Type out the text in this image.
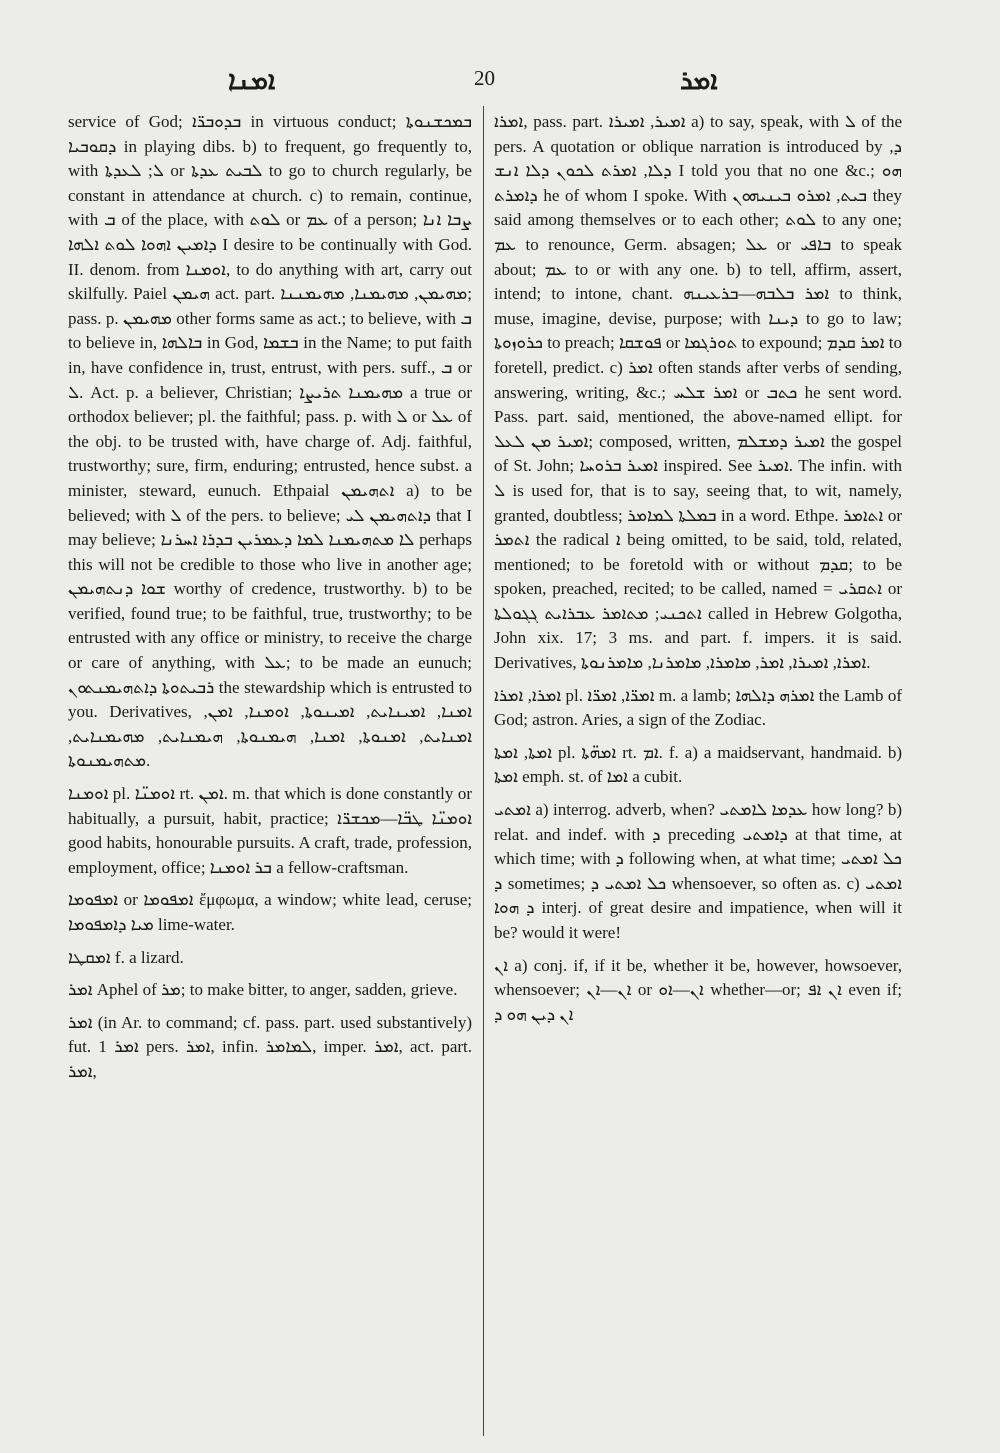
ܐܡܢܐ	20	ܐܡܪ

service of God; ܒܕܘܒܪ̈ܐ in virtuous conduct; ܒܡܟܫܢܘܬܐ ܕܩܘܒܝܐ in playing dibs. b) to frequent, go frequently to, with ܠ; ܠܥܕܬܐ or ܠܒܝܬ ܥܕܬܐ to go to church regularly, be constant in attendance at church. c) to remain, continue, with ܒ of the place, with ܠܘܬ or ܥܡ of a person; ܨܒܐ ܐܢܐ ܕܐܡܝܢ ܐܗܘܐ ܠܘܬ ܐܠܗܐ I desire to be continually with God. II. denom. from ܐܘܡܢܐ, to do anything with art, carry out skilfully. Paiel ܗܝܡܢ act. part. ܡܗܝܡܢ, ܡܗܝܡܢܐ, ܡܗܝܡܢܢܐ; pass. p. ܡܗܝܡܢ other forms same as act.; to believe, with ܒ to believe in, ܒܐܠܗܐ in God, ܒܫܡܐ in the Name; to put faith in, have confidence in, trust, entrust, with pers. suff., ܒ or ܠ. Act. p. a believer, Christian; ܡܗܝܡܢܐ ܬܪܝܨܐ a true or orthodox believer; pl. the faithful; pass. p. with ܠ or ܥܠ of the obj. to be trusted with, have charge of. Adj. faithful, trustworthy; sure, firm, enduring; entrusted, hence subst. a minister, steward, eunuch. Ethpaial ܐܬܗܝܡܢ a) to be believed; with ܠ of the pers. to believe; ܕܐܬܗܝܡܢ ܠܝ that I may believe; ܠܐ ܡܬܗܝܡܢܐ ܠܡܐ ܕܥܡܪܝܢ ܒܕܪܐ ܐܚܪܢܐ perhaps this will not be credible to those who live in another age; ܫܘܐ ܕܢܬܗܝܡܢ worthy of credence, trustworthy. b) to be verified, found true; to be faithful, true, trustworthy; to be entrusted with any office or ministry, to receive the charge or care of anything, with ܥܠ; to be made an eunuch; ܪܒܝܬܘܬܐ ܕܐܬܗܝܡܢܬܘܢ the stewardship which is entrusted to you. Derivatives, ܐܡܢܐ, ܐܡܝܢܐܝܬ, ܐܡܝܢܘܬܐ, ܐܘܡܢܐ, ܐܡܢ, ܐܡܢܐܝܬ, ܐܡܢܘܬܐ, ܐܡܢܐ, ܗܝܡܢܘܬܐ, ܗܝܡܢܐܝܬ, ܡܗܝܡܢܐܝܬ, ܡܬܗܝܡܢܘܬܐ.

ܐܘܡܢܐ pl. ܐܘܡܢ̈ܐ rt. ܐܡܢ. m. that which is done constantly or habitually, a pursuit, habit, practice; ܐܘܡܢ̈ܐ ܛܒ̈ܐ—ܡܟܫܪ̈ܐ good habits, honourable pursuits. A craft, trade, profession, employment, office; ܒܪ ܐܘܡܢܐ a fellow-craftsman.

ܐܡܦܘܡܐ or ܐܡܦܘܡܐ ἔμφωμα, a window; white lead, ceruse; ܡܝܐ ܕܐܡܦܘܡܐ lime-water.

ܐܡܩܛܐ f. a lizard.

ܐܡܪ Aphel of ܡܪ; to make bitter, to anger, sadden, grieve.

ܐܡܪ (in Ar. to command; cf. pass. part. used substantively) fut. ܐܡܪ 1 pers. ܐܡܪ, infin. ܠܡܐܡܪ, imper. ܐܡܪ, act. part. ܐܡܪ,

ܐܡܪܐ, pass. part. ܐܡܝܪ, ܐܡܝܪܐ a) to say, speak, with ܠ of the pers. A quotation or oblique narration is introduced by ܕ, ܕܠܐ, ܐܡܪܬ ܠܟܘܢ ܕܠܐ ܐܢܫ I told you that no one &c.; ܗܘ ܕܐܡܪܬ he of whom I spoke. With ܒܝܬ, ܐܡܪܘ ܒܝܢܝܗܘܢ they said among themselves or to each other; ܠܘܬ to any one; ܥܡ to renounce, Germ. absagen; ܥܠ or ܒܐܦܝ to speak about; ܥܡ to or with any one. b) to tell, affirm, assert, intend; to intone, chant. ܐܡܪ ܒܠܒܗ—ܒܪܥܝܢܗ to think, muse, imagine, devise, purpose; with ܕܝܢܐ to go to law; ܟܪܘܙܘܬܐ to preach; ܦܘܫܩܐ or ܬܘܪܓܡܐ to expound; ܐܡܪ ܩܕܡ to foretell, predict. c) ܐܡܪ often stands after verbs of sending, answering, writing, &c.; ܐܡܪ ܫܠܚ or ܟܬܒ he sent word. Pass. part. said, mentioned, the above-named ellipt. for ܐܡܝܪ ܡܢ ܠܥܠ; composed, written, ܐܡܝܪ ܕܡܫܠܡ the gospel of St. John; ܐܡܝܪ ܒܪܘܚܐ inspired. See ܐܡܝܪ. The infin. with ܠ is used for, that is to say, seeing that, to wit, namely, granted, doubtless; ܒܡܠܬܐ ܠܡܐܡܪ in a word. Ethpe. ܐܬܐܡܪ or ܐܬܡܪ the radical ܐ being omitted, to be said, told, related, mentioned; to be foretold with or without ܩܕܡ; to be spoken, preached, recited; to be called, named = ܐܬܩܪܝ or ܐܬܟܢܝ; ܡܬܐܡܪ ܥܒܪܐܝܬ ܓܓܘܠܬܐ called in Hebrew Golgotha, John xix. 17; 3 ms. and part. f. impers. it is said. Derivatives, ܐܡܪܐ, ܐܡܝܪܐ, ܐܡܪ, ܡܐܡܪܐ, ܡܐܡܪܢܐ, ܡܐܡܪܢܘܬܐ.

ܐܡܪܐ, ܐܡܪܐ pl. ܐܡܪ̈ܐ, ܐܡܪ̈ܐ m. a lamb; ܐܡܪܗ ܕܐܠܗܐ the Lamb of God; astron. Aries, a sign of the Zodiac.

ܐܡܬܐ, ܐܡܬܐ pl. ܐܡܗ̈ܬܐ rt. ܐܡ. f. a) a maidservant, handmaid. b) ܐܡܬܐ emph. st. of ܐܡܐ a cubit.

ܐܡܬܝ a) interrog. adverb, when? ܥܕܡܐ ܠܐܡܬܝ how long? b) relat. and indef. with ܕ preceding ܕܐܡܬܝ at that time, at which time; with ܕ following when, at what time; ܟܠ ܐܡܬܝ ܕ sometimes; ܟܠ ܐܡܬܝ ܕ whensoever, so often as. c) ܐܡܬܝ ܕ ܗܘܐ interj. of great desire and impatience, when will it be? would it were!

ܐܢ a) conj. if, if it be, whether it be, however, howsoever, whensoever; ܐܢ—ܐܢ or ܐܢ—ܐܘ whether—or; ܐܢ ܐܦ even if; ܐܢ ܕܝܢ ܗܘ ܕ
